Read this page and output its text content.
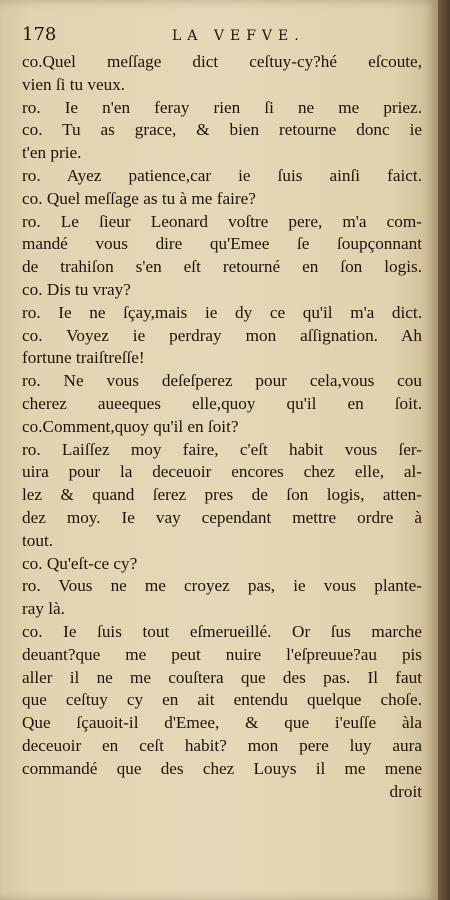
178	LA VEFVE.
co.Quel meſſage dict ceſtuy-cy?hé eſcoute,
vien ſi tu veux.
ro. Ie n'en feray rien ſi ne me priez.
co. Tu as grace, & bien retourne donc ie
t'en prie.
ro. Ayez patience,car ie ſuis ainſi faict.
co. Quel meſſage as tu à me faire?
ro. Le ſieur Leonard voſtre pere, m'a com-
mandé vous dire qu'Emee ſe ſoupçonnant
de trahiſon s'en eſt retourné en ſon logis.
co. Dis tu vray?
ro. Ie ne ſçay,mais ie dy ce qu'il m'a dict.
co. Voyez ie perdray mon aſſignation. Ah
fortune traiſtreſſe!
ro. Ne vous deſeſperez pour cela,vous cou
cherez aueeques elle,quoy qu'il en ſoit.
co.Comment,quoy qu'il en ſoit?
ro. Laiſſez moy faire, c'eſt habit vous ſer-
uira pour la deceuoir encores chez elle, al-
lez & quand ſerez pres de ſon logis, atten-
dez moy. Ie vay cependant mettre ordre à
tout.
co. Qu'eſt-ce cy?
ro. Vous ne me croyez pas, ie vous plante-
ray là.
co. Ie ſuis tout eſmerueillé. Or ſus marche
deuant?que me peut nuire l'eſpreuue?au pis
aller il ne me couſtera que des pas. Il faut
que ceſtuy cy en ait entendu quelque choſe.
Que ſçauoit-il d'Emee, & que i'euſſe àla
deceuoir en ceſt habit? mon pere luy aura
commandé que des chez Louys il me mene
droit
